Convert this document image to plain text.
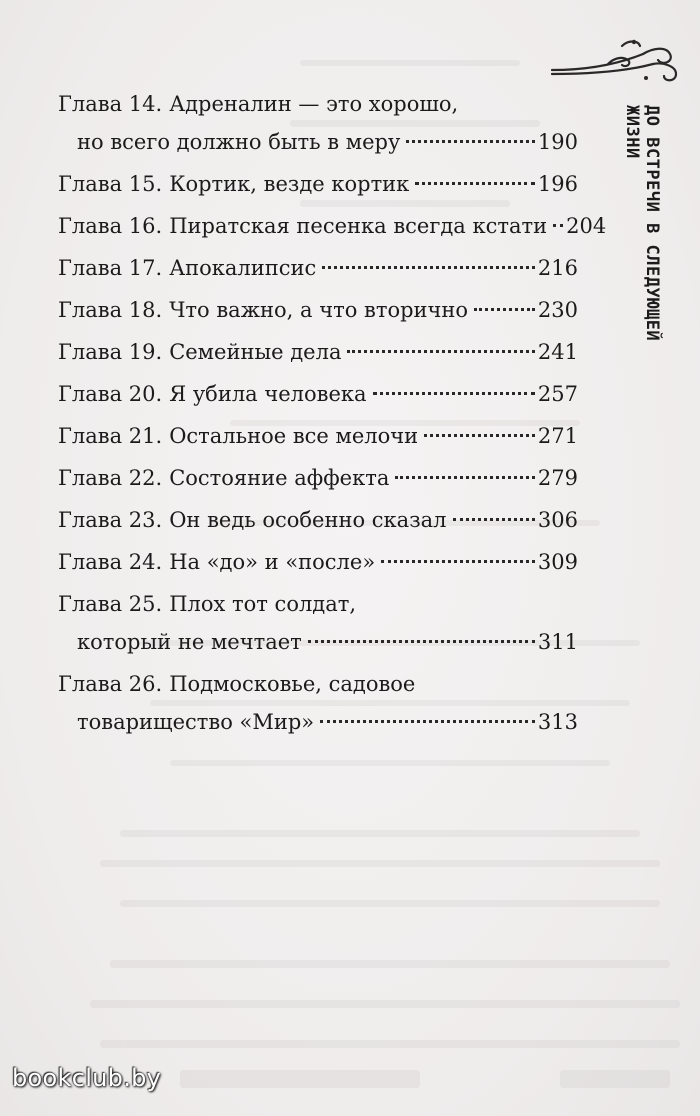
ДО ВСТРЕЧИ В СЛЕДУЮЩЕЙ ЖИЗНИ
Глава 14. Адреналин — это хорошо,
но всего должно быть в меру	190
Глава 15. Кортик, везде кортик	196
Глава 16. Пиратская песенка всегда кстати 204
Глава 17. Апокалипсис	216
Глава 18. Что важно, а что вторично	230
Глава 19. Семейные дела	241
Глава 20. Я убила человека	257
Глава 21. Остальное все мелочи	271
Глава 22. Состояние аффекта	279
Глава 23. Он ведь особенно сказал	306
Глава 24. На «до» и «после»	309
Глава 25. Плох тот солдат,
который не мечтает	311
Глава 26. Подмосковье, садовое
товарищество «Мир»	313
bookclub.by
